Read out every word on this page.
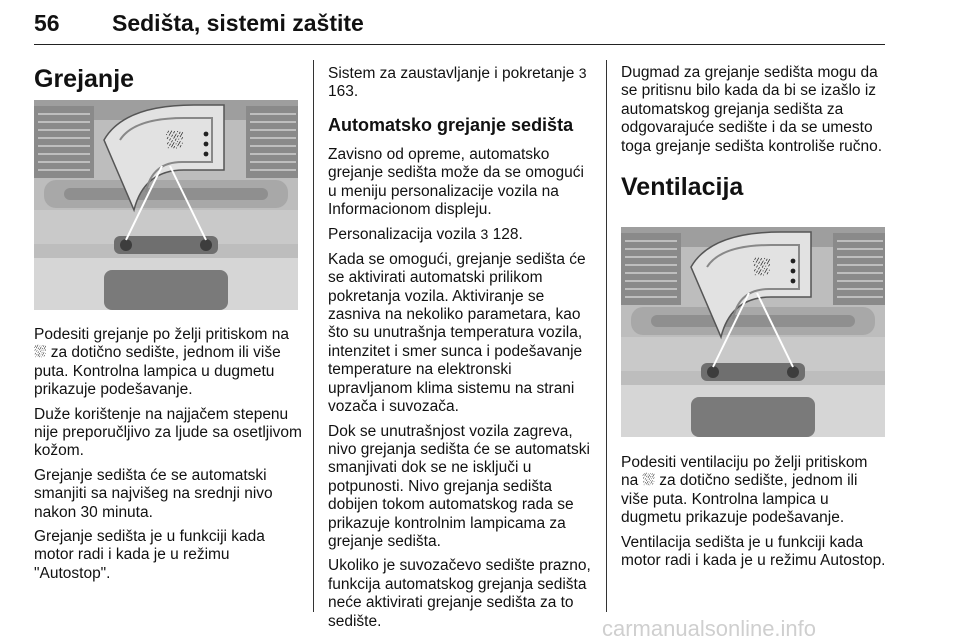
56 Sedišta, sistemi zaštite
Grejanje
⛆

Podesiti grejanje po želji pritiskom na ⛆ za dotično sedište, jednom ili više puta. Kontrolna lampica u dugmetu prikazuje podešavanje.

Duže korištenje na najjačem stepenu nije preporučljivo za ljude sa osetljivom kožom.

Grejanje sedišta će se automatski smanjiti sa najvišeg na srednji nivo nakon 30 minuta.

Grejanje sedišta je u funkciji kada motor radi i kada je u režimu "Autostop".

Sistem za zaustavljanje i pokretanje 3 163.

Automatsko grejanje sedišta

Zavisno od opreme, automatsko grejanje sedišta može da se omogući u meniju personalizacije vozila na Informacionom displeju.

Personalizacija vozila 3 128.

Kada se omogući, grejanje sedišta će se aktivirati automatski prilikom pokretanja vozila. Aktiviranje se zasniva na nekoliko parametara, kao što su unutrašnja temperatura vozila, intenzitet i smer sunca i podešavanje temperature na elektronski upravljanom klima sistemu na strani vozača i suvozača.

Dok se unutrašnjost vozila zagreva, nivo grejanja sedišta će se automatski smanjivati dok se ne isključi u potpunosti. Nivo grejanja sedišta dobijen tokom automatskog rada se prikazuje kontrolnim lampicama za grejanje sedišta.

Ukoliko je suvozačevo sedište prazno, funkcija automatskog grejanja sedišta neće aktivirati grejanje sedišta za to sedište.

Dugmad za grejanje sedišta mogu da se pritisnu bilo kada da bi se izašlo iz automatskog grejanja sedišta za odgovarajuće sedište i da se umesto toga grejanje sedišta kontroliše ručno.

Ventilacija
⛆

Podesiti ventilaciju po želji pritiskom na ⛆ za dotično sedište, jednom ili više puta. Kontrolna lampica u dugmetu prikazuje podešavanje.

Ventilacija sedišta je u funkciji kada motor radi i kada je u režimu Autostop.

carmanualsonline.info
